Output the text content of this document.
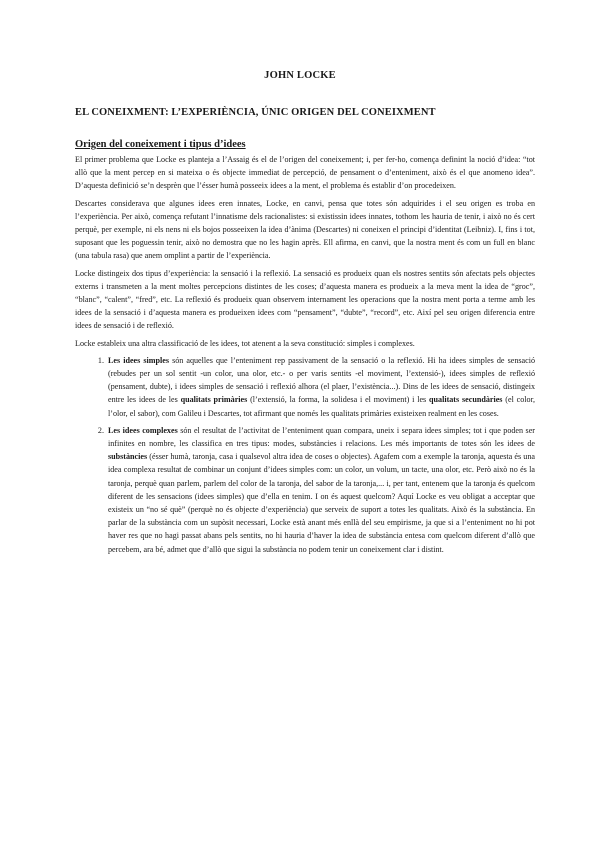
JOHN LOCKE
EL CONEIXMENT: L’EXPERIÈNCIA, ÚNIC ORIGEN DEL CONEIXMENT
Origen del coneixement i tipus d’idees

El primer problema que Locke es planteja a l’Assaig és el de l’origen del coneixement; i, per fer-ho, comença definint la noció d’idea: “tot allò que la ment percep en si mateixa o és objecte immediat de percepció, de pensament o d’enteniment, això és el que anomeno idea”. D’aquesta definició se’n desprèn que l’ésser humà posseeix idees a la ment, el problema és establir d’on procedeixen.

Descartes considerava que algunes idees eren innates, Locke, en canvi, pensa que totes són adquirides i el seu origen es troba en l’experiència. Per això, comença refutant l’innatisme dels racionalistes: si existissin idees innates, tothom les hauria de tenir, i això no és cert perquè, per exemple, ni els nens ni els bojos posseeixen la idea d’ànima (Descartes) ni coneixen el principi d’identitat (Leibniz). I, fins i tot, suposant que les poguessin tenir, això no demostra que no les hagin après. Ell afirma, en canvi, que la nostra ment és com un full en blanc (una tabula rasa) que anem omplint a partir de l’experiència.

Locke distingeix dos tipus d’experiència: la sensació i la reflexió. La sensació es produeix quan els nostres sentits són afectats pels objectes externs i transmeten a la ment moltes percepcions distintes de les coses; d’aquesta manera es produeix a la meva ment la idea de “groc”, “blanc”, “calent”, “fred”, etc. La reflexió és produeix quan observem internament les operacions que la nostra ment porta a terme amb les idees de la sensació i d’aquesta manera es produeixen idees com “pensament”, “dubte”, “record”, etc. Així pel seu origen diferencia entre idees de sensació i de reflexió.

Locke estableix una altra classificació de les idees, tot atenent a la seva constitució: simples i complexes.

1. Les idees simples són aquelles que l’enteniment rep passivament de la sensació o la reflexió. Hi ha idees simples de sensació (rebudes per un sol sentit -un color, una olor, etc.- o per varis sentits -el moviment, l’extensió-), idees simples de reflexió (pensament, dubte), i idees simples de sensació i reflexió alhora (el plaer, l’existència...). Dins de les idees de sensació, distingeix entre les idees de les qualitats primàries (l’extensió, la forma, la solidesa i el moviment) i les qualitats secundàries (el color, l’olor, el sabor), com Galileu i Descartes, tot afirmant que només les qualitats primàries existeixen realment en les coses.
2. Les idees complexes són el resultat de l’activitat de l’enteniment quan compara, uneix i separa idees simples; tot i que poden ser infinites en nombre, les classifica en tres tipus: modes, substàncies i relacions. Les més importants de totes són les idees de substàncies (ésser humà, taronja, casa i qualsevol altra idea de coses o objectes). Agafem com a exemple la taronja, aquesta és una idea complexa resultat de combinar un conjunt d’idees simples com: un color, un volum, un tacte, una olor, etc. Però això no és la taronja, perquè quan parlem, parlem del color de la taronja, del sabor de la taronja,... i, per tant, entenem que la taronja és quelcom diferent de les sensacions (idees simples) que d’ella en tenim. I on és aquest quelcom? Aquí Locke es veu obligat a acceptar que existeix un “no sé què” (perquè no és objecte d’experiència) que serveix de suport a totes les qualitats. Això és la substància. En parlar de la substància com un supòsit necessari, Locke està anant més enllà del seu empirisme, ja que si a l’enteniment no hi pot haver res que no hagi passat abans pels sentits, no hi hauria d’haver la idea de substància entesa com quelcom diferent d’allò que percebem, ara bé, admet que d’allò que sigui la substància no podem tenir un coneixement clar i distint.
